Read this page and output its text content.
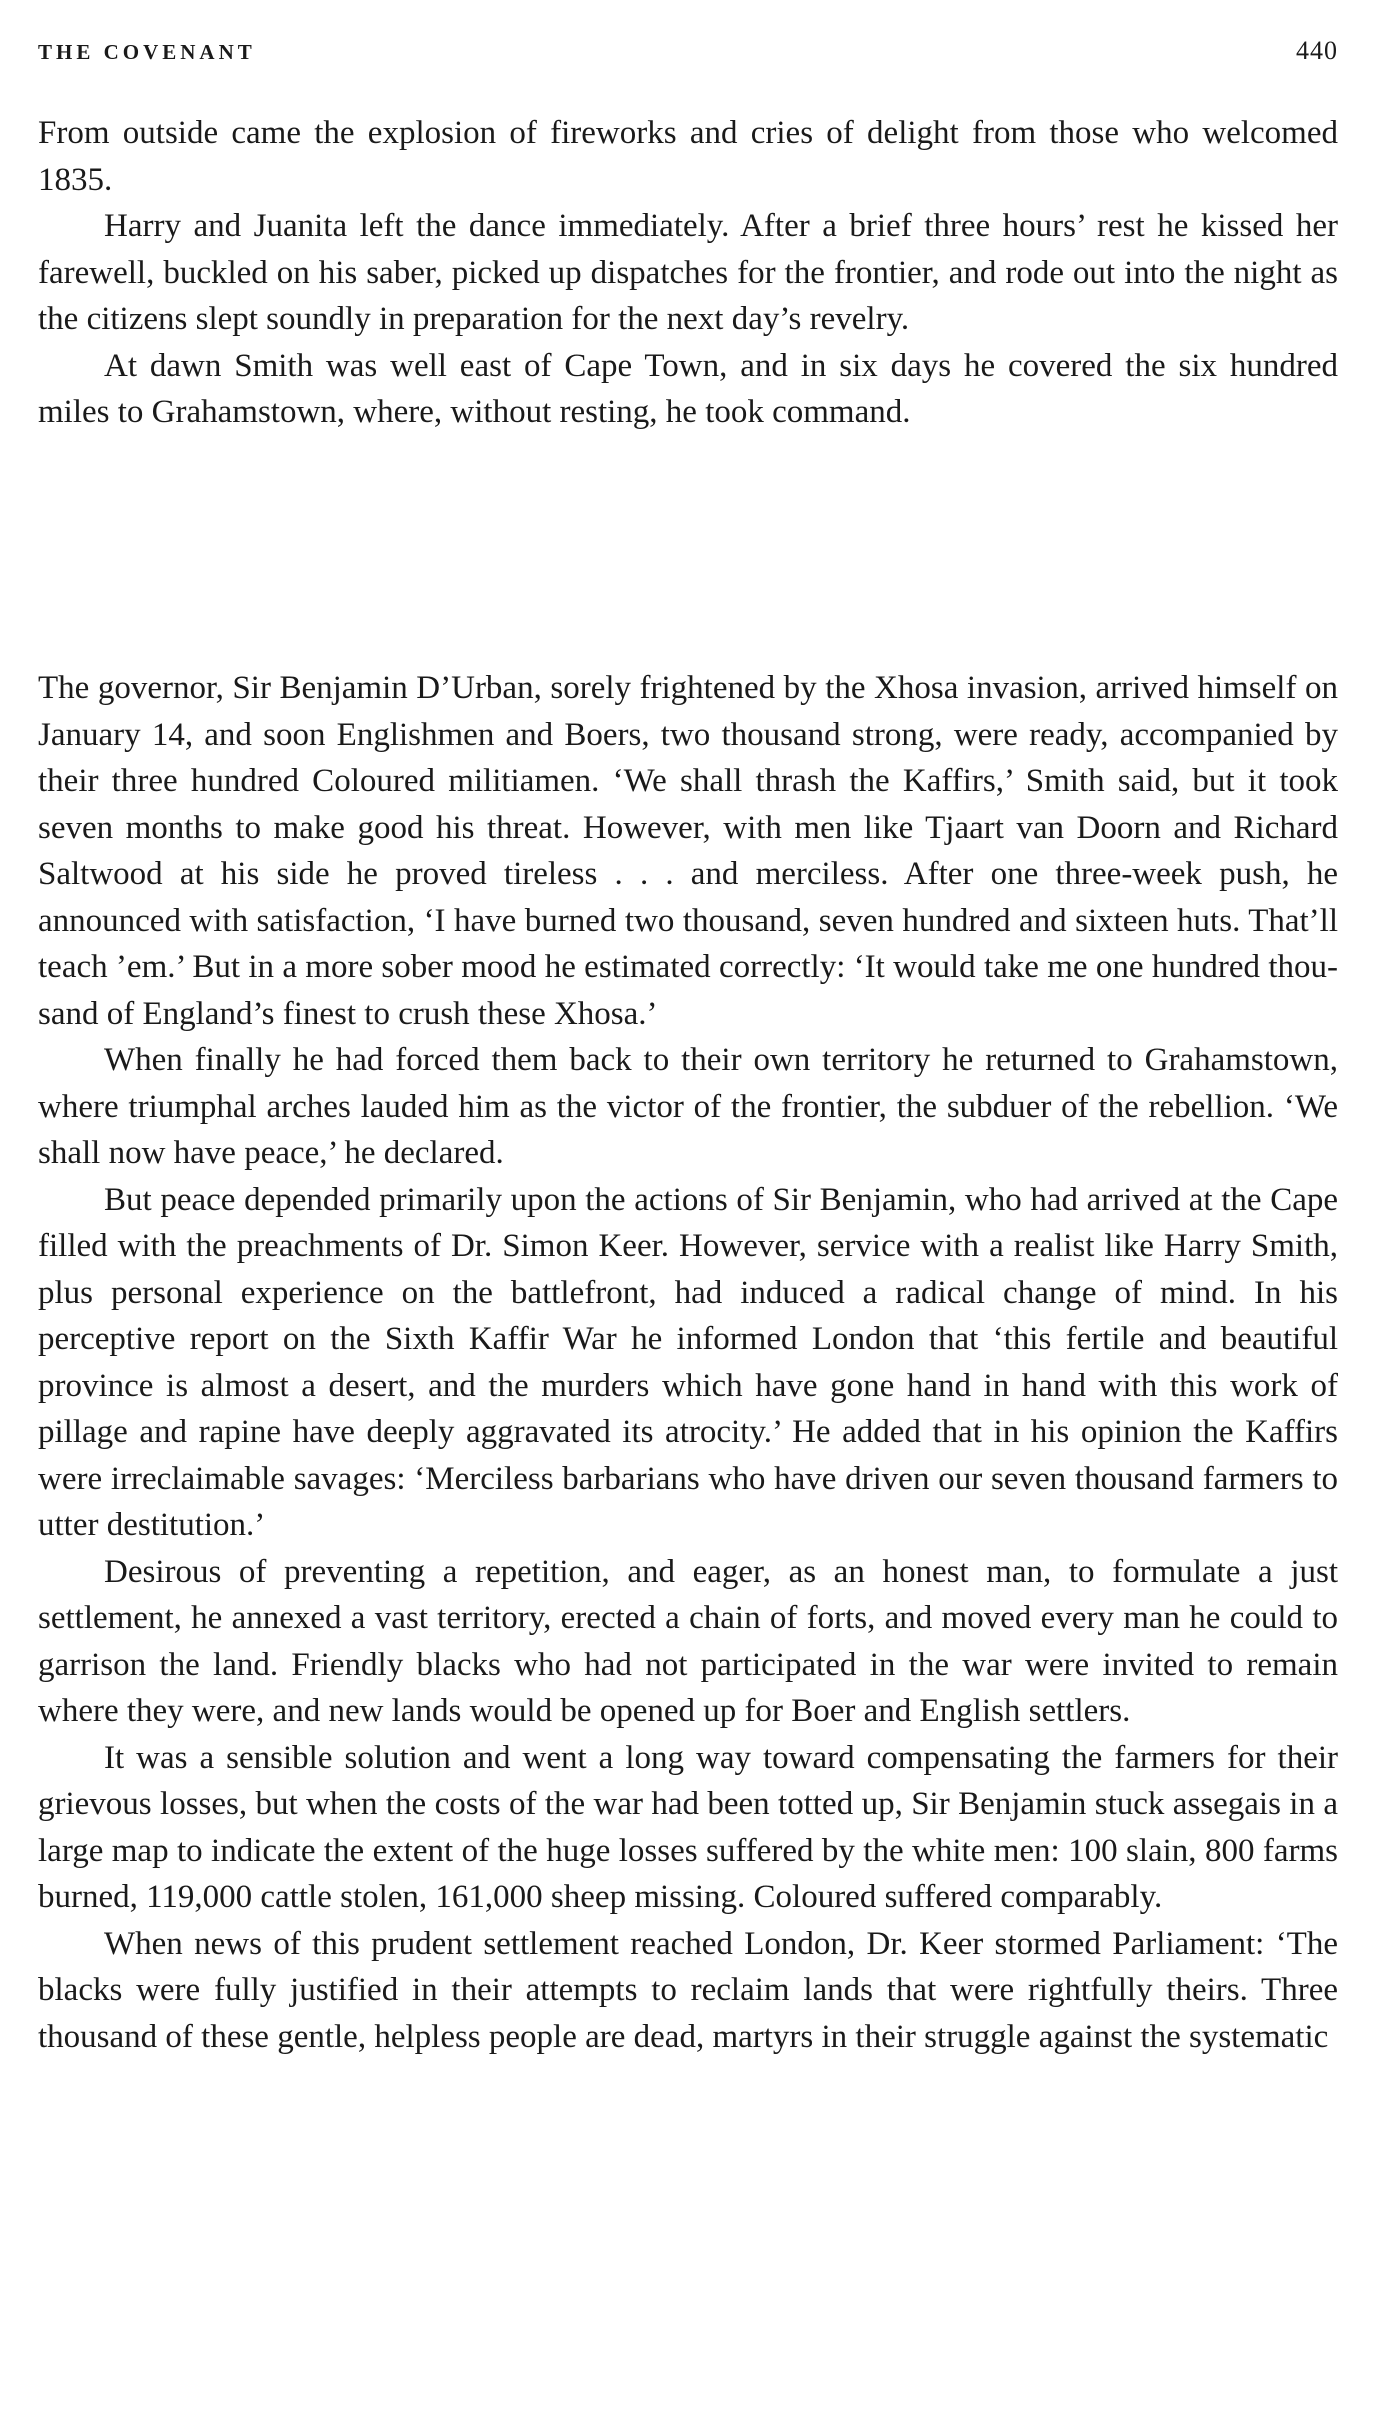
THE COVENANT	440

From outside came the explosion of fireworks and cries of delight from those who welcomed 1835.

Harry and Juanita left the dance immediately. After a brief three hours’ rest he kissed her farewell, buckled on his saber, picked up dispatches for the frontier, and rode out into the night as the citizens slept soundly in preparation for the next day’s revelry.

At dawn Smith was well east of Cape Town, and in six days he covered the six hundred miles to Grahamstown, where, without resting, he took command.

The governor, Sir Benjamin D’Urban, sorely frightened by the Xhosa invasion, arrived himself on January 14, and soon Englishmen and Boers, two thousand strong, were ready, accompanied by their three hundred Coloured militiamen. ‘We shall thrash the Kaffirs,’ Smith said, but it took seven months to make good his threat. However, with men like Tjaart van Doorn and Richard Saltwood at his side he proved tireless . . . and merciless. After one three-week push, he announced with satisfaction, ‘I have burned two thousand, seven hundred and sixteen huts. That’ll teach ’em.’ But in a more sober mood he estimated correctly: ‘It would take me one hundred thousand of England’s finest to crush these Xhosa.’

When finally he had forced them back to their own territory he returned to Grahamstown, where triumphal arches lauded him as the victor of the frontier, the subduer of the rebellion. ‘We shall now have peace,’ he declared.

But peace depended primarily upon the actions of Sir Benjamin, who had arrived at the Cape filled with the preachments of Dr. Simon Keer. However, service with a realist like Harry Smith, plus personal experience on the battlefront, had induced a radical change of mind. In his perceptive report on the Sixth Kaffir War he informed London that ‘this fertile and beautiful province is almost a desert, and the murders which have gone hand in hand with this work of pillage and rapine have deeply aggravated its atrocity.’ He added that in his opinion the Kaffirs were irreclaimable savages: ‘Merciless barbarians who have driven our seven thousand farmers to utter destitution.’

Desirous of preventing a repetition, and eager, as an honest man, to formulate a just settlement, he annexed a vast territory, erected a chain of forts, and moved every man he could to garrison the land. Friendly blacks who had not participated in the war were invited to remain where they were, and new lands would be opened up for Boer and English settlers.

It was a sensible solution and went a long way toward compensating the farmers for their grievous losses, but when the costs of the war had been totted up, Sir Benjamin stuck assegais in a large map to indicate the extent of the huge losses suffered by the white men: 100 slain, 800 farms burned, 119,000 cattle stolen, 161,000 sheep missing. Coloured suffered comparably.

When news of this prudent settlement reached London, Dr. Keer stormed Parliament: ‘The blacks were fully justified in their attempts to reclaim lands that were rightfully theirs. Three thousand of these gentle, helpless people are dead, martyrs in their struggle against the systematic
